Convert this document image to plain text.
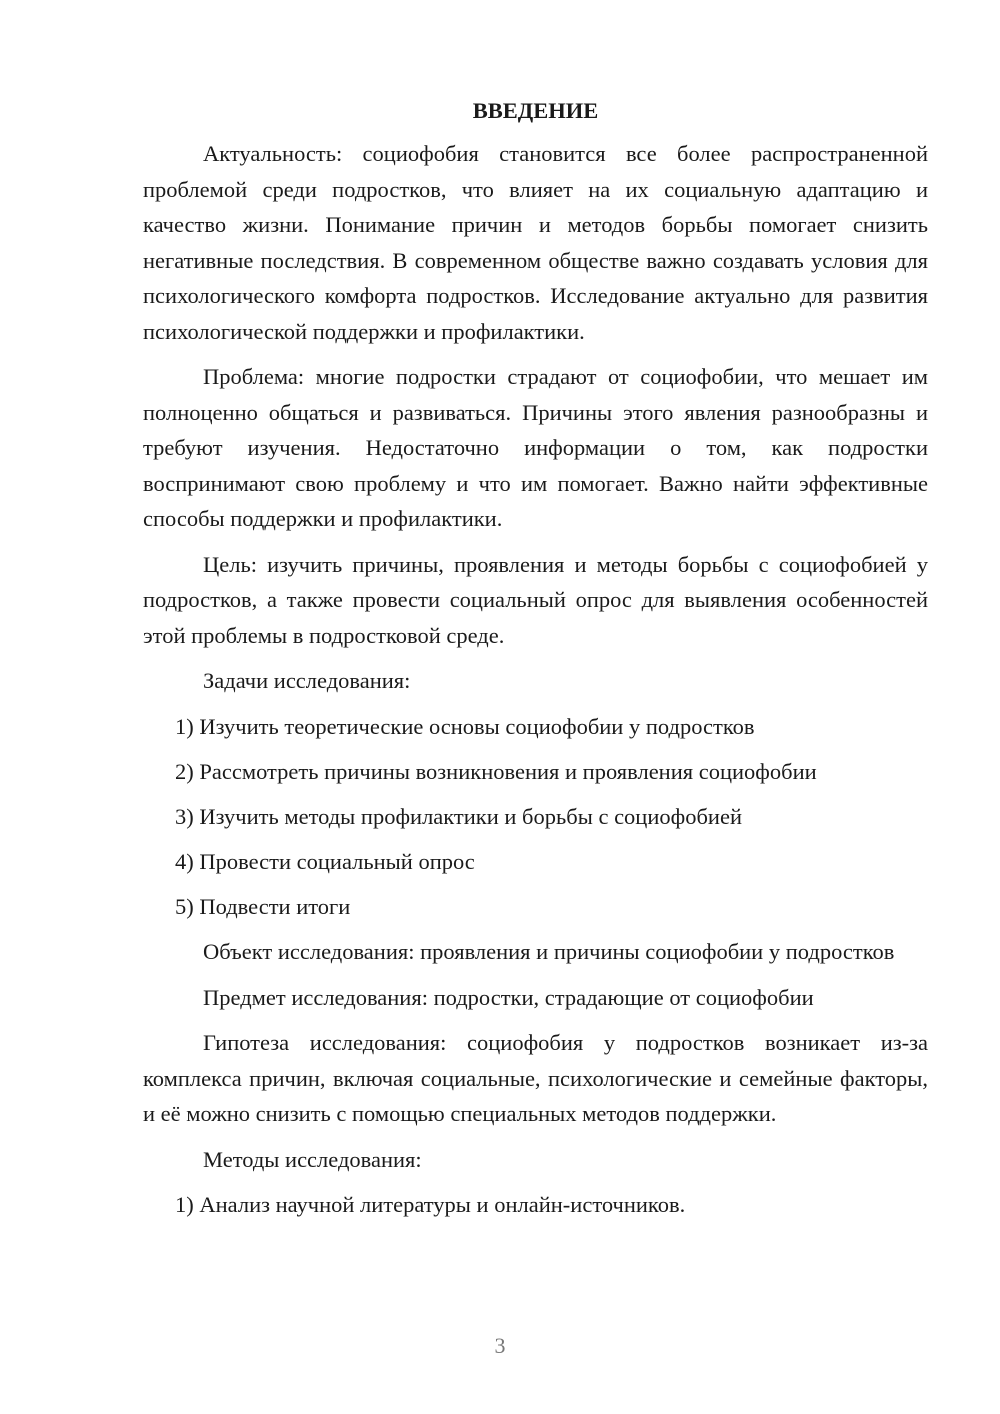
ВВЕДЕНИЕ

Актуальность: социофобия становится все более распространенной проблемой среди подростков, что влияет на их социальную адаптацию и качество жизни. Понимание причин и методов борьбы помогает снизить негативные последствия. В современном обществе важно создавать условия для психологического комфорта подростков. Исследование актуально для развития психологической поддержки и профилактики.

Проблема: многие подростки страдают от социофобии, что мешает им полноценно общаться и развиваться. Причины этого явления разнообразны и требуют изучения. Недостаточно информации о том, как подростки воспринимают свою проблему и что им помогает. Важно найти эффективные способы поддержки и профилактики.

Цель: изучить причины, проявления и методы борьбы с социофобией у подростков, а также провести социальный опрос для выявления особенностей этой проблемы в подростковой среде.

Задачи исследования:

1) Изучить теоретические основы социофобии у подростков
2) Рассмотреть причины возникновения и проявления социофобии
3) Изучить методы профилактики и борьбы с социофобией
4) Провести социальный опрос
5) Подвести итоги

Объект исследования: проявления и причины социофобии у подростков

Предмет исследования: подростки, страдающие от социофобии

Гипотеза исследования: социофобия у подростков возникает из-за комплекса причин, включая социальные, психологические и семейные факторы, и её можно снизить с помощью специальных методов поддержки.

Методы исследования:

1) Анализ научной литературы и онлайн-источников.
3
